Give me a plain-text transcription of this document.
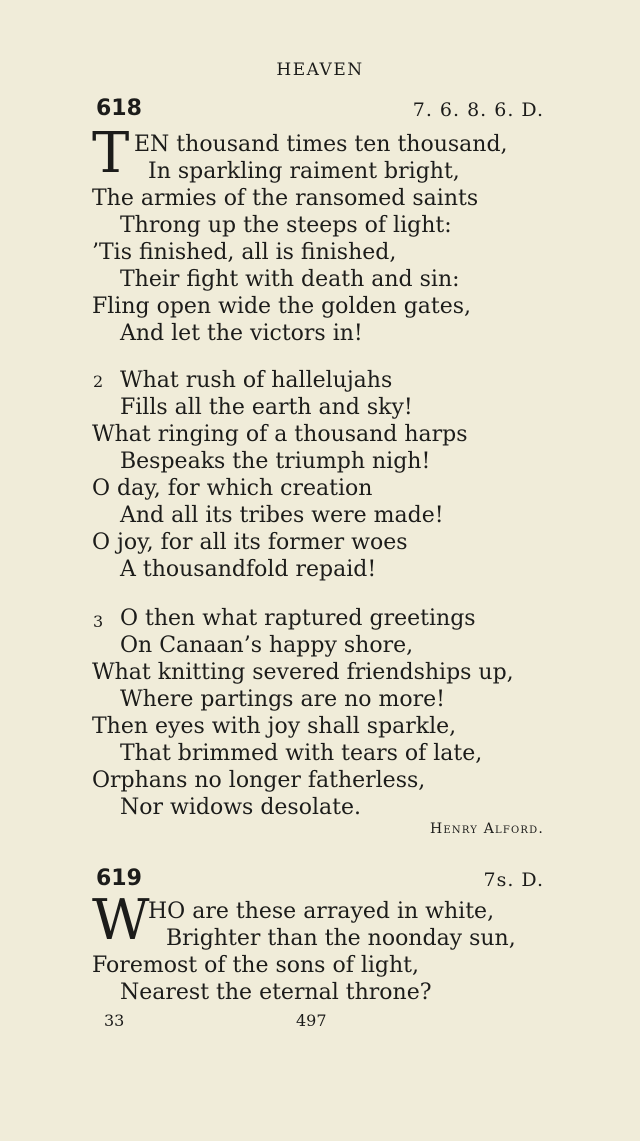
HEAVEN
618	7. 6. 8. 6. D.
T EN thousand times ten thousand,
In sparkling raiment bright,
The armies of the ransomed saints
Throng up the steeps of light:
’Tis finished, all is finished,
Their fight with death and sin:
Fling open wide the golden gates,
And let the victors in!
2 What rush of hallelujahs
Fills all the earth and sky!
What ringing of a thousand harps
Bespeaks the triumph nigh!
O day, for which creation
And all its tribes were made!
O joy, for all its former woes
A thousandfold repaid!
3 O then what raptured greetings
On Canaan’s happy shore,
What knitting severed friendships up,
Where partings are no more!
Then eyes with joy shall sparkle,
That brimmed with tears of late,
Orphans no longer fatherless,
Nor widows desolate.
Henry Alford.
619	7s. D.
W
HO are these arrayed in white,
Brighter than the noonday sun,
Foremost of the sons of light,
Nearest the eternal throne?
33	497
